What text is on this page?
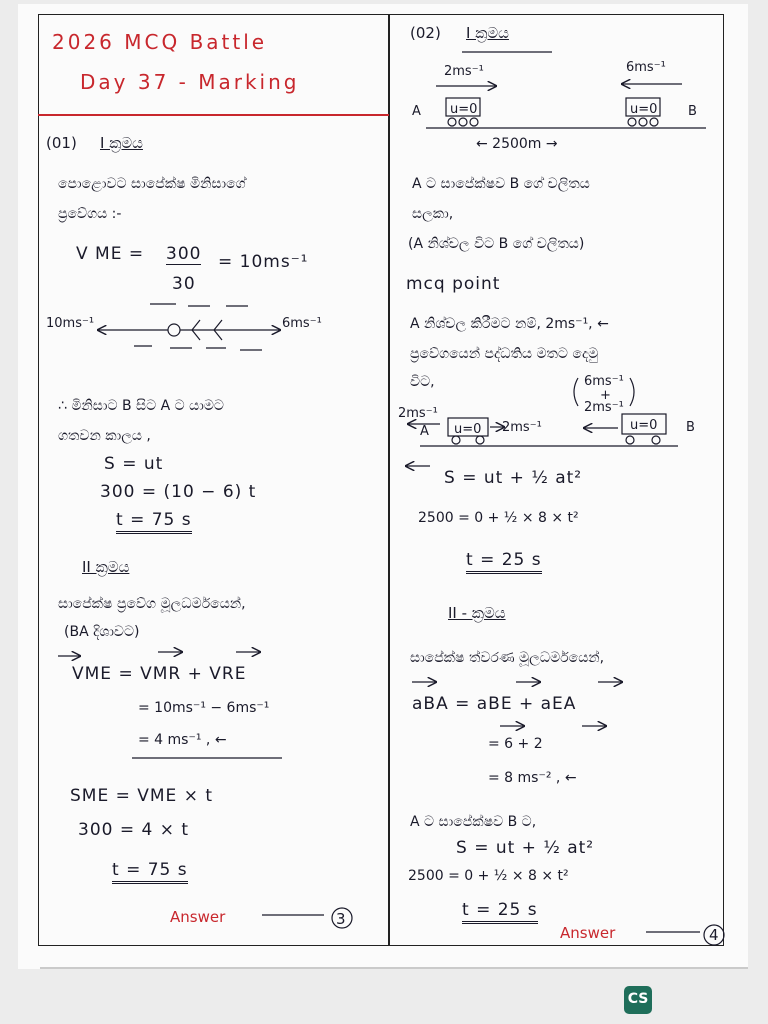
2026 MCQ Battle
Day 37 - Marking
(01) I ක්‍රමය
පොළොවට සාපේක්ෂ මිනිසාගේ
ප්‍රවේගය :-
V ME = 300
30
= 10ms⁻¹
10ms⁻¹	6ms⁻¹
∴ මිනිසාට B සිට A ට යාමට
ගතවන කාලය ,
S = ut
300 = (10 − 6) t
t = 75 s
II ක්‍රමය
සාපේක්ෂ ප්‍රවේග මූලධර්මයෙන්,
(BA දිශාවට)
VME = VMR + VRE
= 10ms⁻¹ − 6ms⁻¹
= 4 ms⁻¹ , ←
SME = VME × t
300 = 4 × t
t = 75 s
Answer	3
(02) I ක්‍රමය
2ms⁻¹	6ms⁻¹
A	B
u=0	u=0
← 2500m →
A ට සාපේක්ෂව B ගේ චලිතය
සලකා,
(A නිශ්චල විට B ගේ චලිතය)
mcq point
A නිශ්චල කිරීමට නම්, 2ms⁻¹, ←
ප්‍රවේගයෙන් පද්ධතිය මතට දෙමු
විට,	6ms⁻¹
+
2ms⁻¹
2ms⁻¹
A u=0 2ms⁻¹	u=0 B
S = ut + ½ at²
2500 = 0 + ½ × 8 × t²
t = 25 s
II - ක්‍රමය
සාපේක්ෂ ත්වරණ මූලධර්මයෙන්,
aBA = aBE + aEA
= 6 + 2
= 8 ms⁻² , ←
A ට සාපේක්ෂව B ට,
S = ut + ½ at²
2500 = 0 + ½ × 8 × t²
t = 25 s
Answer	4
CS
